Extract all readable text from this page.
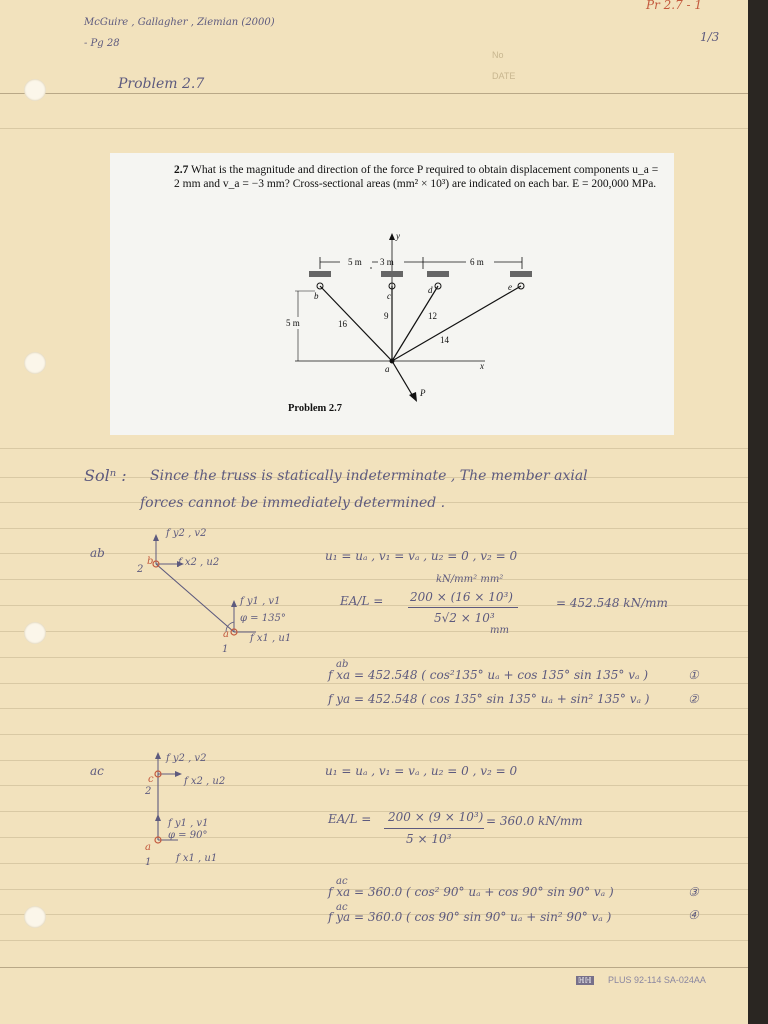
McGuire , Gallagher , Ziemian (2000)
- Pg 28
Pr 2.7 - 1
1/3
No
DATE
Problem 2.7
2.7 What is the magnitude and direction of the force P required to obtain displacement components u_a = 2 mm and v_a = −3 mm? Cross-sectional areas (mm² × 10³) are indicated on each bar. E = 200,000 MPa.
5 m 3 m	6 m
y
x
5 m
P
a
b	c
d	e
16
9	12
14
Problem 2.7
Solⁿ : Since the truss is statically indeterminate , The member axial
forces cannot be immediately determined .
ab
f y2 , v2
f x2 , u2
2
b
f y1 , v1
φ = 135°
f x1 , u1
a
1
u₁ = uₐ , v₁ = vₐ , u₂ = 0 , v₂ = 0
kN/mm² mm²
EA/L = 200 × (16 × 10³)
5√2 × 10³
mm
= 452.548 kN/mm
ab
f xa = 452.548 ( cos²135° uₐ + cos 135° sin 135° vₐ )
f ya = 452.548 ( cos 135° sin 135° uₐ + sin² 135° vₐ )
①
②
ac
f y2 , v2
f x2 , u2
2
c
f y1 , v1
φ = 90°
f x1 , u1
a
1
u₁ = uₐ , v₁ = vₐ , u₂ = 0 , v₂ = 0
EA/L = 200 × (9 × 10³)
5 × 10³
= 360.0 kN/mm
ac
f xa = 360.0 ( cos² 90° uₐ + cos 90° sin 90° vₐ )
ac
f ya = 360.0 ( cos 90° sin 90° uₐ + sin² 90° vₐ )
③
④
ℍℍ PLUS 92-114 SA-024AA
